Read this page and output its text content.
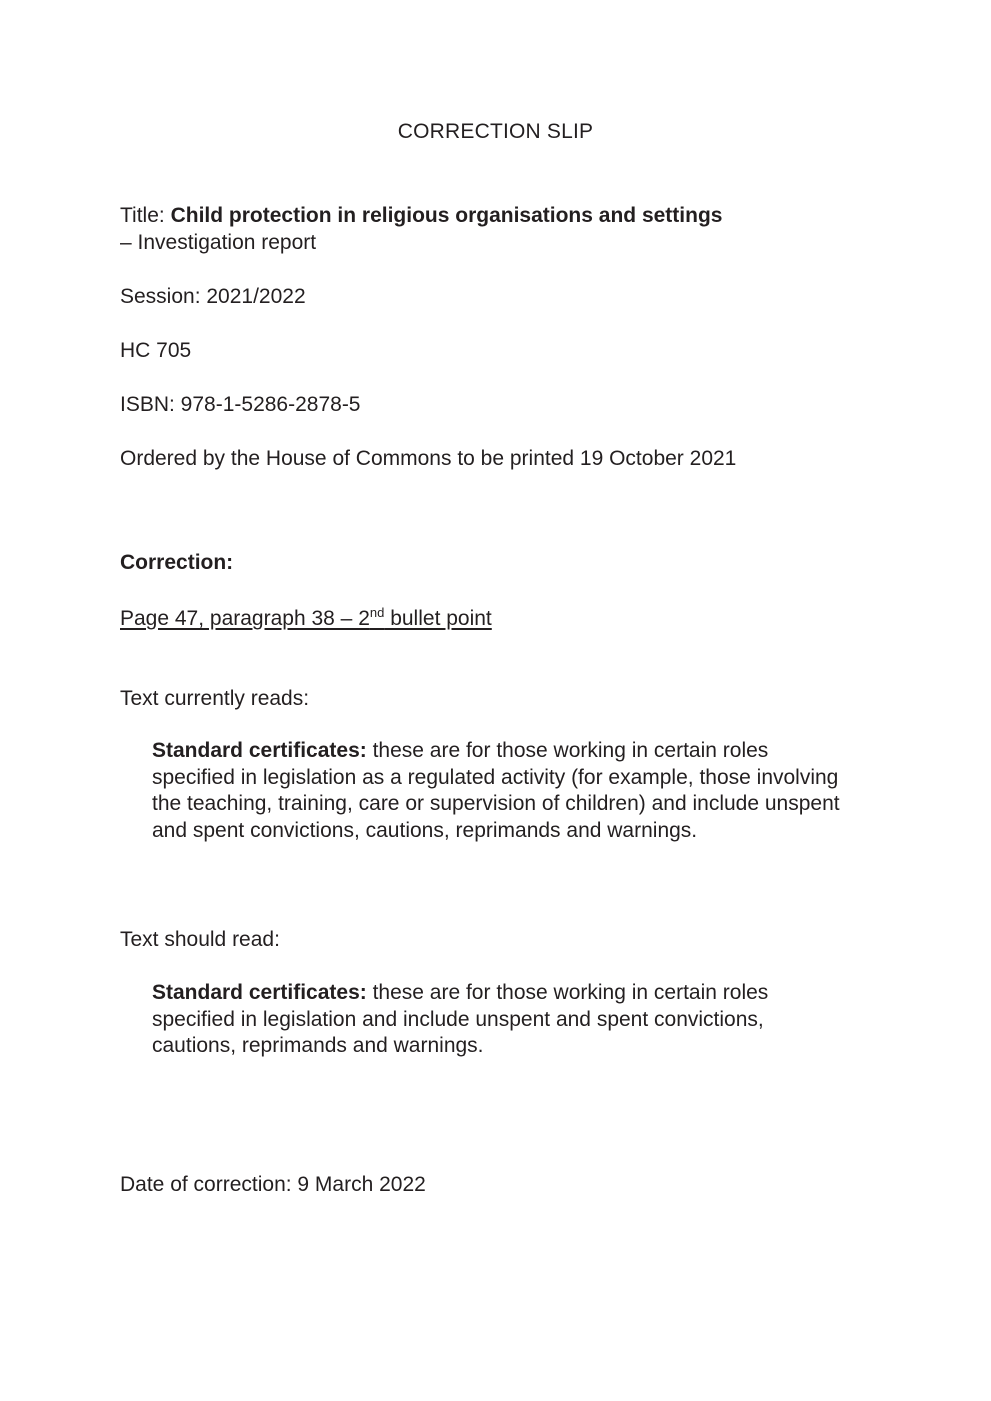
CORRECTION SLIP
Title: Child protection in religious organisations and settings
– Investigation report
Session: 2021/2022
HC 705
ISBN: 978-1-5286-2878-5
Ordered by the House of Commons to be printed 19 October 2021
Correction:
Page 47, paragraph 38 – 2nd bullet point
Text currently reads:
Standard certificates: these are for those working in certain roles specified in legislation as a regulated activity (for example, those involving the teaching, training, care or supervision of children) and include unspent and spent convictions, cautions, reprimands and warnings.
Text should read:
Standard certificates: these are for those working in certain roles specified in legislation and include unspent and spent convictions, cautions, reprimands and warnings.
Date of correction: 9 March 2022
